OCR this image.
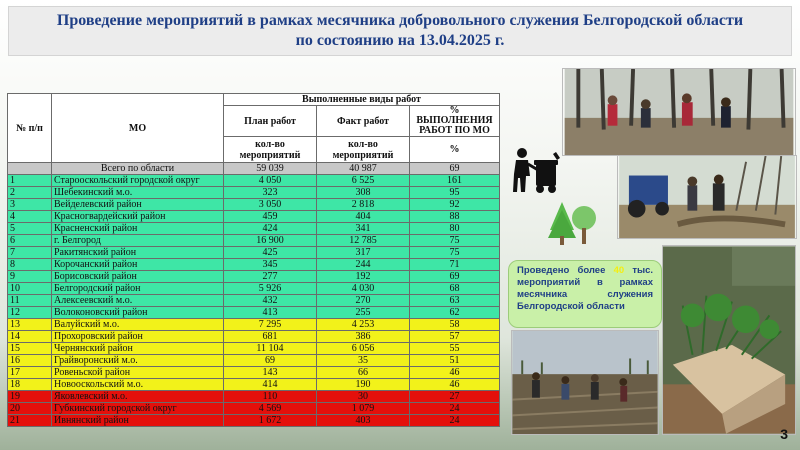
Проведение мероприятий в рамках месячника добровольного служения Белгородской области
по состоянию на 13.04.2025 г.
№ п/п	МО	Выполненные виды работ		
		План работ	Факт работ	% ВЫПОЛНЕНИЯ РАБОТ ПО МО
		кол-во мероприятий	кол-во мероприятий	%
	Всего по области	59 039	40 987	69
1	Старооскольский городской округ	4 050	6 525	161
2	Шебекинский м.о.	323	308	95
3	Вейделевский район	3 050	2 818	92
4	Красногвардейский район	459	404	88
5	Красненский район	424	341	80
6	г. Белгород	16 900	12 785	75
7	Ракитянский район	425	317	75
8	Корочанский район	345	244	71
9	Борисовский район	277	192	69
10	Белгородский район	5 926	4 030	68
11	Алексеевский м.о.	432	270	63
12	Волоконовский район	413	255	62
13	Валуйский м.о.	7 295	4 253	58
14	Прохоровский район	681	386	57
15	Чернянский район	11 104	6 056	55
16	Грайворонский м.о.	69	35	51
17	Ровеньской район	143	66	46
18	Новооскольский м.о.	414	190	46
19	Яковлевский м.о.	110	30	27
20	Губкинский городской округ	4 569	1 079	24
21	Ивнянский район	1 672	403	24
Проведено более 40 тыс. мероприятий в рамках месячника служения Белгородской области
3
